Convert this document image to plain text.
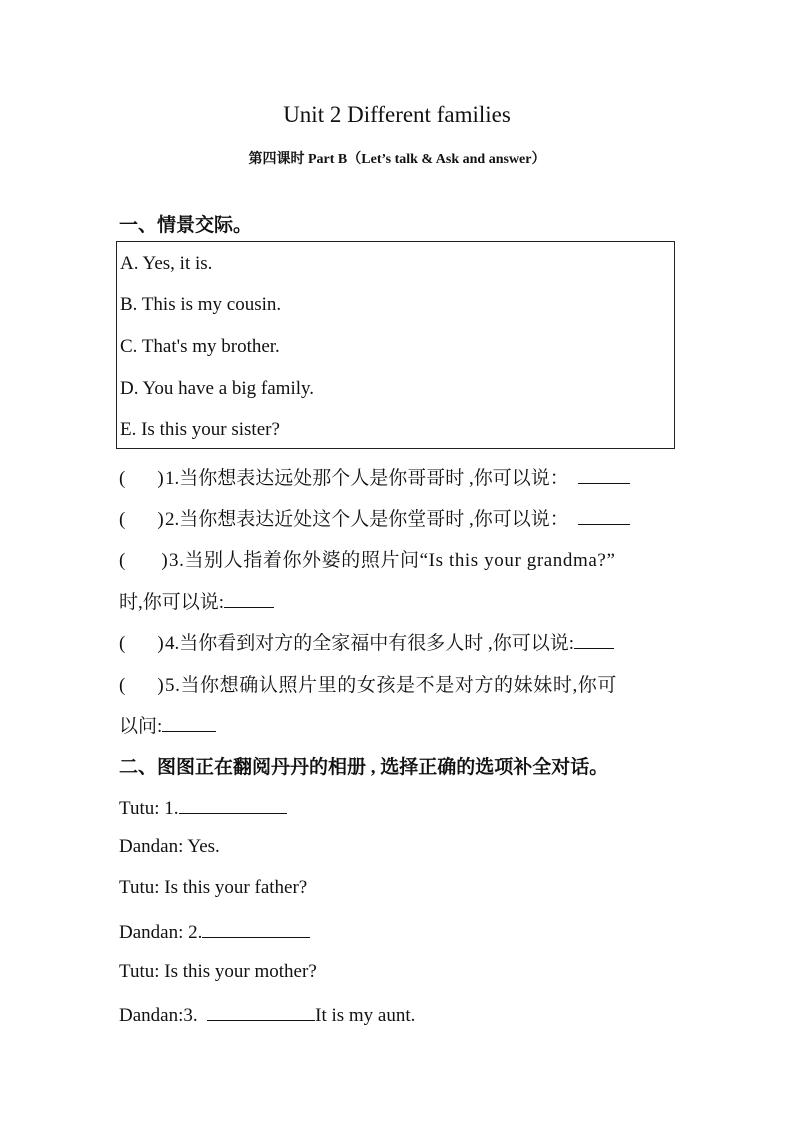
Unit 2 Different families
第四课时 Part B（Let’s talk & Ask and answer）
一、情景交际。
A. Yes, it is.
B. This is my cousin.
C. That's my brother.
D. You have a big family.
E. Is this your sister?
( )1.当你想表达远处那个人是你哥哥时 ,你可以说：
( )2.当你想表达近处这个人是你堂哥时 ,你可以说：
( )3.当别人指着你外婆的照片问“Is this your grandma?”
时,你可以说:
( )4.当你看到对方的全家福中有很多人时 ,你可以说:
( )5.当你想确认照片里的女孩是不是对方的妹妹时,你可
以问:
二、图图正在翻阅丹丹的相册 , 选择正确的选项补全对话。
Tutu: 1.
Dandan: Yes.
Tutu: Is this your father?
Dandan: 2.
Tutu: Is this your mother?
Dandan:3.	It is my aunt.
